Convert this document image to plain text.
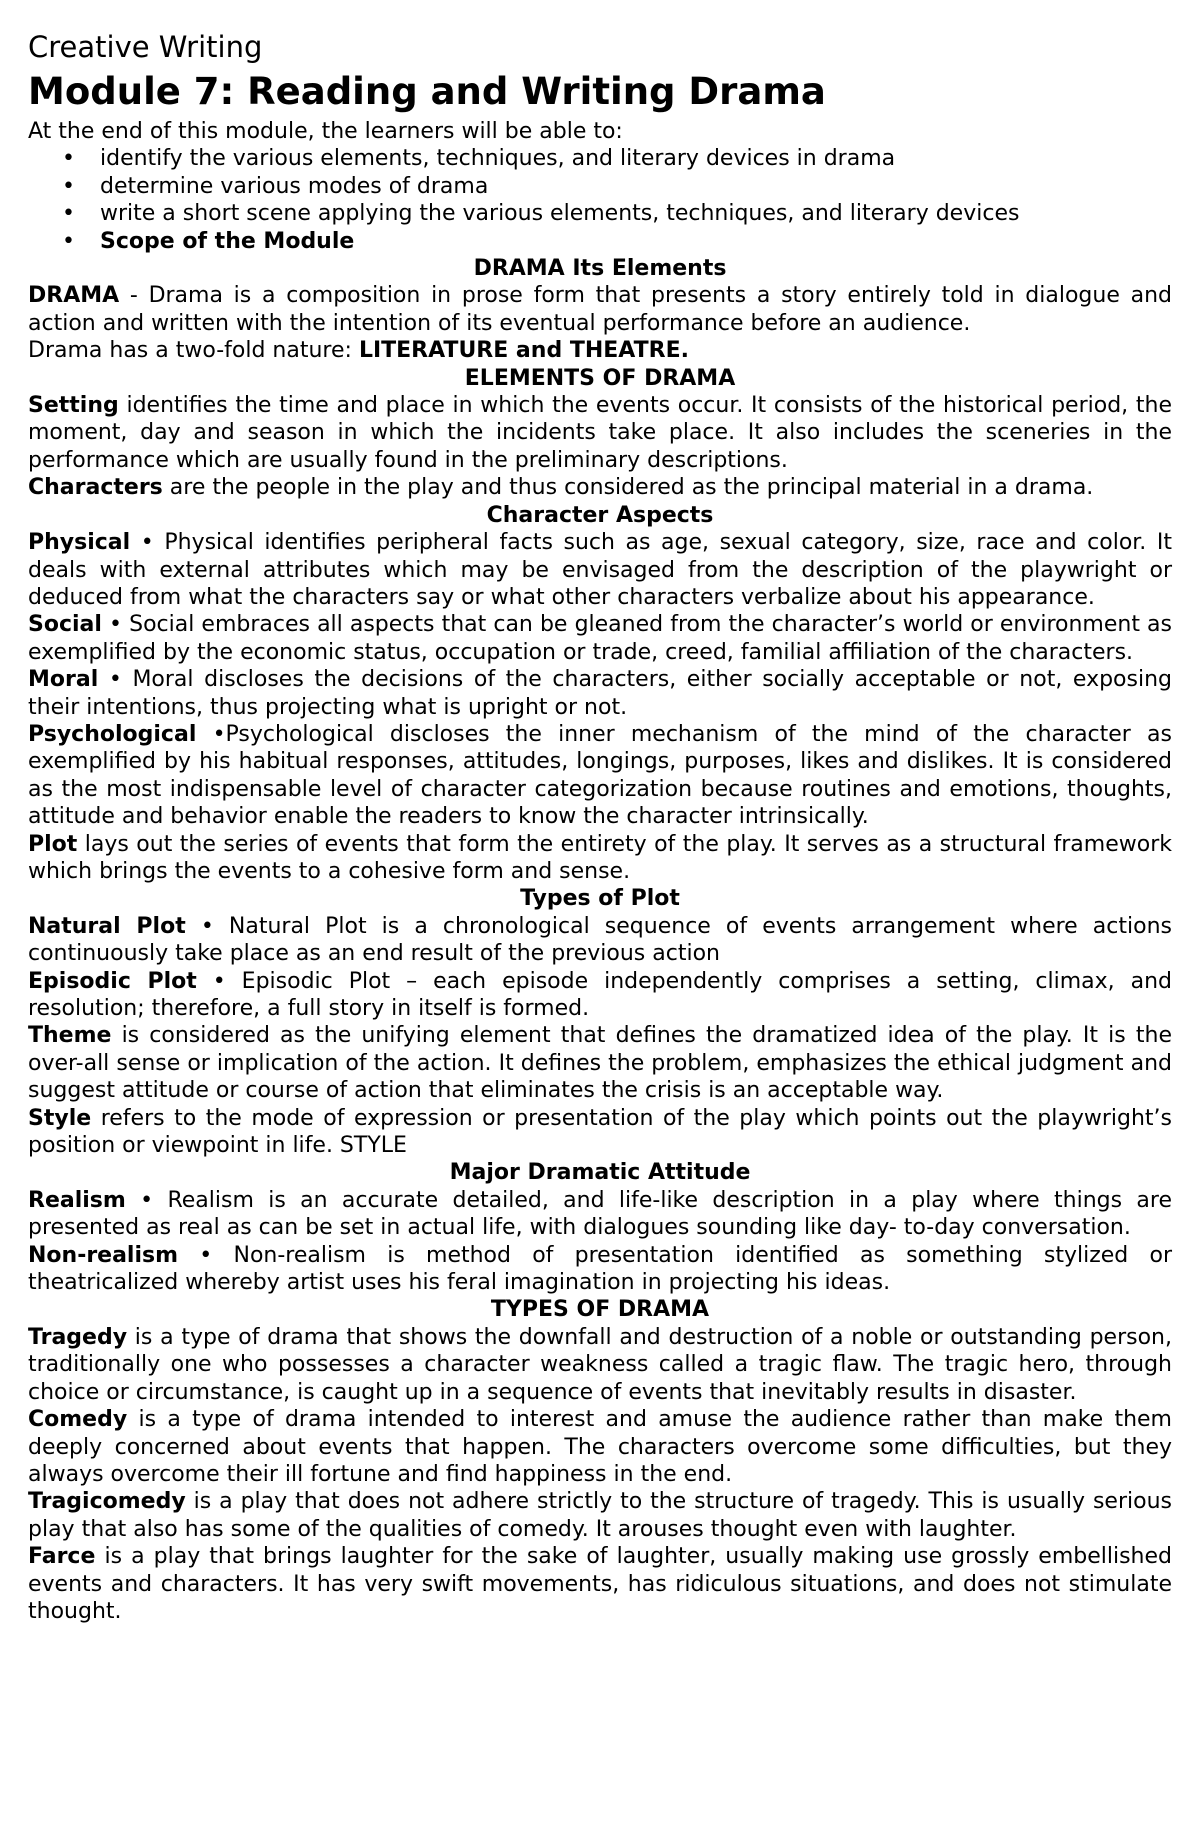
Creative Writing
Module 7: Reading and Writing Drama

At the end of this module, the learners will be able to:

• identify the various elements, techniques, and literary devices in drama
• determine various modes of drama
• write a short scene applying the various elements, techniques, and literary devices
• Scope of the Module

DRAMA Its Elements

DRAMA - Drama is a composition in prose form that presents a story entirely told in dialogue and action and written with the intention of its eventual performance before an audience.

Drama has a two-fold nature: LITERATURE and THEATRE.

ELEMENTS OF DRAMA

Setting identifies the time and place in which the events occur. It consists of the historical period, the moment, day and season in which the incidents take place. It also includes the sceneries in the performance which are usually found in the preliminary descriptions.

Characters are the people in the play and thus considered as the principal material in a drama.

Character Aspects

Physical • Physical identifies peripheral facts such as age, sexual category, size, race and color. It deals with external attributes which may be envisaged from the description of the playwright or deduced from what the characters say or what other characters verbalize about his appearance.

Social • Social embraces all aspects that can be gleaned from the character’s world or environment as exemplified by the economic status, occupation or trade, creed, familial affiliation of the characters.

Moral • Moral discloses the decisions of the characters, either socially acceptable or not, exposing their intentions, thus projecting what is upright or not.

Psychological •Psychological discloses the inner mechanism of the mind of the character as exemplified by his habitual responses, attitudes, longings, purposes, likes and dislikes. It is considered as the most indispensable level of character categorization because routines and emotions, thoughts, attitude and behavior enable the readers to know the character intrinsically.

Plot lays out the series of events that form the entirety of the play. It serves as a structural framework which brings the events to a cohesive form and sense.

Types of Plot

Natural Plot • Natural Plot is a chronological sequence of events arrangement where actions continuously take place as an end result of the previous action

Episodic Plot • Episodic Plot – each episode independently comprises a setting, climax, and resolution; therefore, a full story in itself is formed.

Theme is considered as the unifying element that defines the dramatized idea of the play. It is the over-all sense or implication of the action. It defines the problem, emphasizes the ethical judgment and suggest attitude or course of action that eliminates the crisis is an acceptable way.

Style refers to the mode of expression or presentation of the play which points out the playwright’s position or viewpoint in life. STYLE

Major Dramatic Attitude

Realism • Realism is an accurate detailed, and life-like description in a play where things are presented as real as can be set in actual life, with dialogues sounding like day- to-day conversation.

Non-realism • Non-realism is method of presentation identified as something stylized or theatricalized whereby artist uses his feral imagination in projecting his ideas.

TYPES OF DRAMA

Tragedy is a type of drama that shows the downfall and destruction of a noble or outstanding person, traditionally one who possesses a character weakness called a tragic flaw. The tragic hero, through choice or circumstance, is caught up in a sequence of events that inevitably results in disaster.

Comedy is a type of drama intended to interest and amuse the audience rather than make them deeply concerned about events that happen. The characters overcome some difficulties, but they always overcome their ill fortune and find happiness in the end.

Tragicomedy is a play that does not adhere strictly to the structure of tragedy. This is usually serious play that also has some of the qualities of comedy. It arouses thought even with laughter.

Farce is a play that brings laughter for the sake of laughter, usually making use grossly embellished events and characters. It has very swift movements, has ridiculous situations, and does not stimulate thought.
